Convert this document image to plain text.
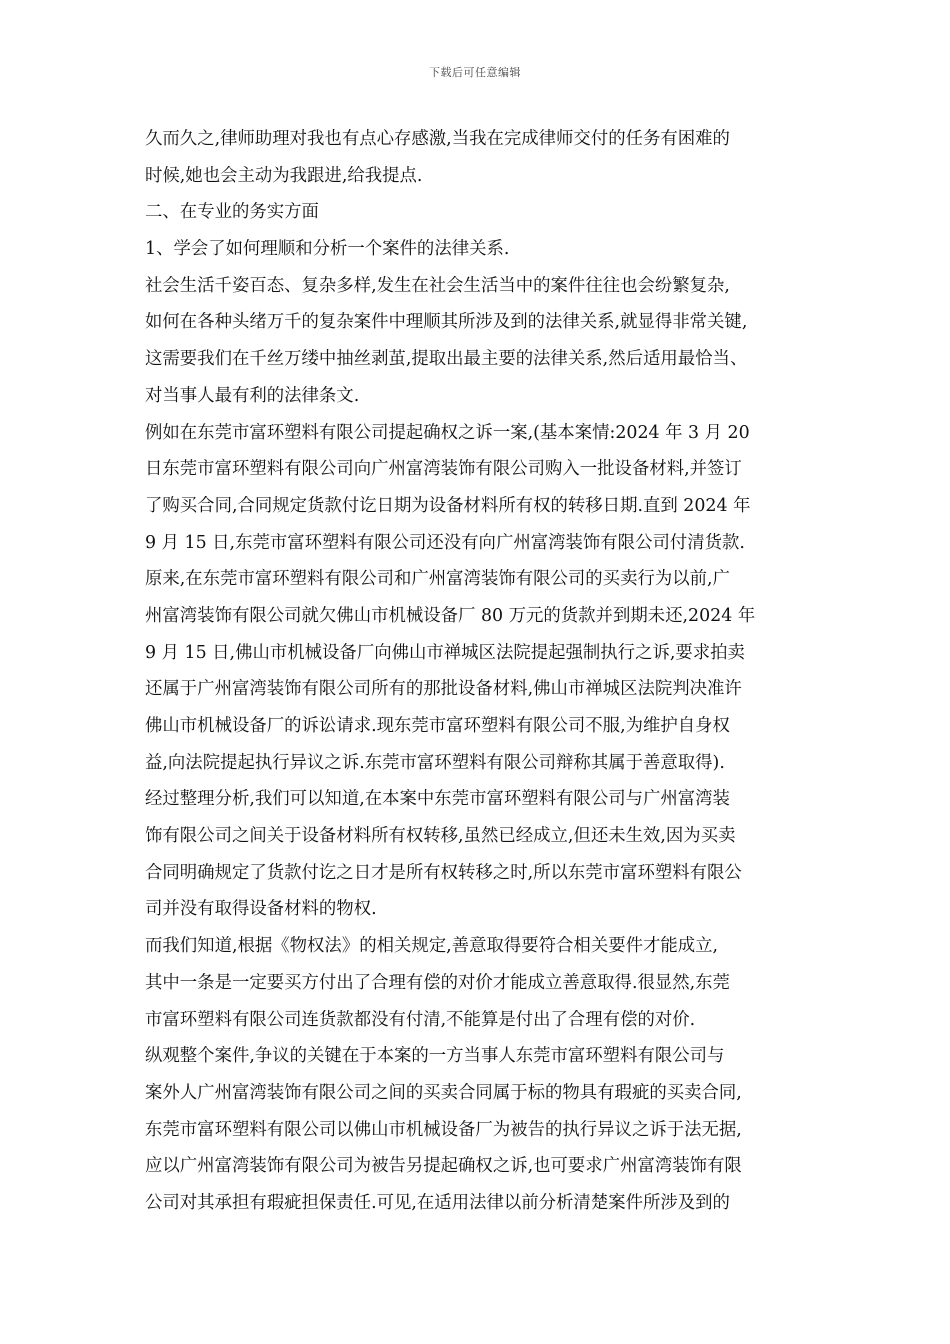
下载后可任意编辑
久而久之,律师助理对我也有点心存感激,当我在完成律师交付的任务有困难的
时候,她也会主动为我跟进,给我提点.
二、在专业的务实方面
1、学会了如何理顺和分析一个案件的法律关系.
社会生活千姿百态、复杂多样,发生在社会生活当中的案件往往也会纷繁复杂,
如何在各种头绪万千的复杂案件中理顺其所涉及到的法律关系,就显得非常关键,
这需要我们在千丝万缕中抽丝剥茧,提取出最主要的法律关系,然后适用最恰当、
对当事人最有利的法律条文.
例如在东莞市富环塑料有限公司提起确权之诉一案,(基本案情:2024 年 3 月 20
日东莞市富环塑料有限公司向广州富湾装饰有限公司购入一批设备材料,并签订
了购买合同,合同规定货款付讫日期为设备材料所有权的转移日期.直到 2024 年
9 月 15 日,东莞市富环塑料有限公司还没有向广州富湾装饰有限公司付清货款.
原来,在东莞市富环塑料有限公司和广州富湾装饰有限公司的买卖行为以前,广
州富湾装饰有限公司就欠佛山市机械设备厂 80 万元的货款并到期未还,2024 年
9 月 15 日,佛山市机械设备厂向佛山市禅城区法院提起强制执行之诉,要求拍卖
还属于广州富湾装饰有限公司所有的那批设备材料,佛山市禅城区法院判决准许
佛山市机械设备厂的诉讼请求.现东莞市富环塑料有限公司不服,为维护自身权
益,向法院提起执行异议之诉.东莞市富环塑料有限公司辩称其属于善意取得).
经过整理分析,我们可以知道,在本案中东莞市富环塑料有限公司与广州富湾装
饰有限公司之间关于设备材料所有权转移,虽然已经成立,但还未生效,因为买卖
合同明确规定了货款付讫之日才是所有权转移之时,所以东莞市富环塑料有限公
司并没有取得设备材料的物权.
而我们知道,根据《物权法》的相关规定,善意取得要符合相关要件才能成立,
其中一条是一定要买方付出了合理有偿的对价才能成立善意取得.很显然,东莞
市富环塑料有限公司连货款都没有付清,不能算是付出了合理有偿的对价.
纵观整个案件,争议的关键在于本案的一方当事人东莞市富环塑料有限公司与
案外人广州富湾装饰有限公司之间的买卖合同属于标的物具有瑕疵的买卖合同,
东莞市富环塑料有限公司以佛山市机械设备厂为被告的执行异议之诉于法无据,
应以广州富湾装饰有限公司为被告另提起确权之诉,也可要求广州富湾装饰有限
公司对其承担有瑕疵担保责任.可见,在适用法律以前分析清楚案件所涉及到的
